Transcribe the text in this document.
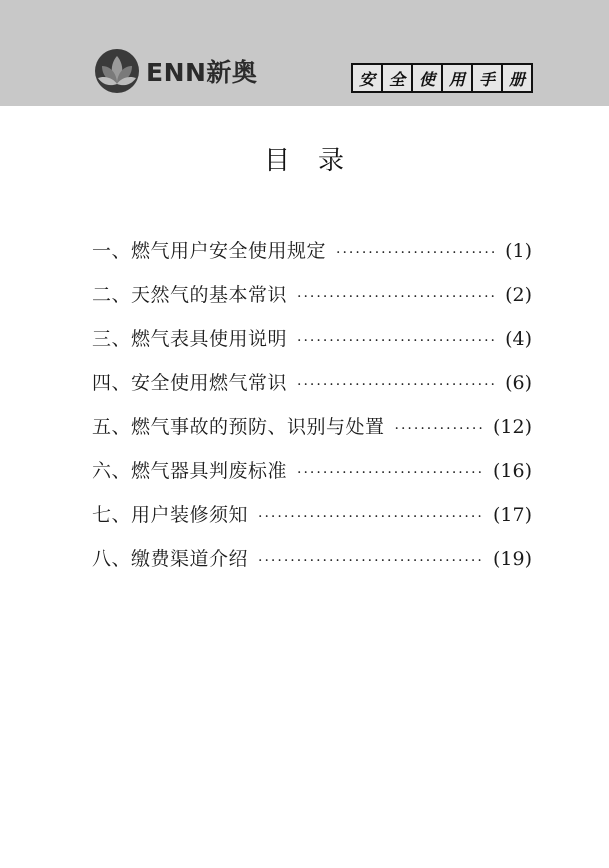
ENN新奥	安 全 使 用 手 册
目　录
一、燃气用户安全使用规定 ·····	(1)
二、天然气的基本常识 ·····	(2)
三、燃气表具使用说明 ·····	(4)
四、安全使用燃气常识 ·····	(6)
五、燃气事故的预防、识别与处置 ·····	(12)
六、燃气器具判废标准 ·····	(16)
七、用户装修须知 ·····	(17)
八、缴费渠道介绍 ·····	(19)
